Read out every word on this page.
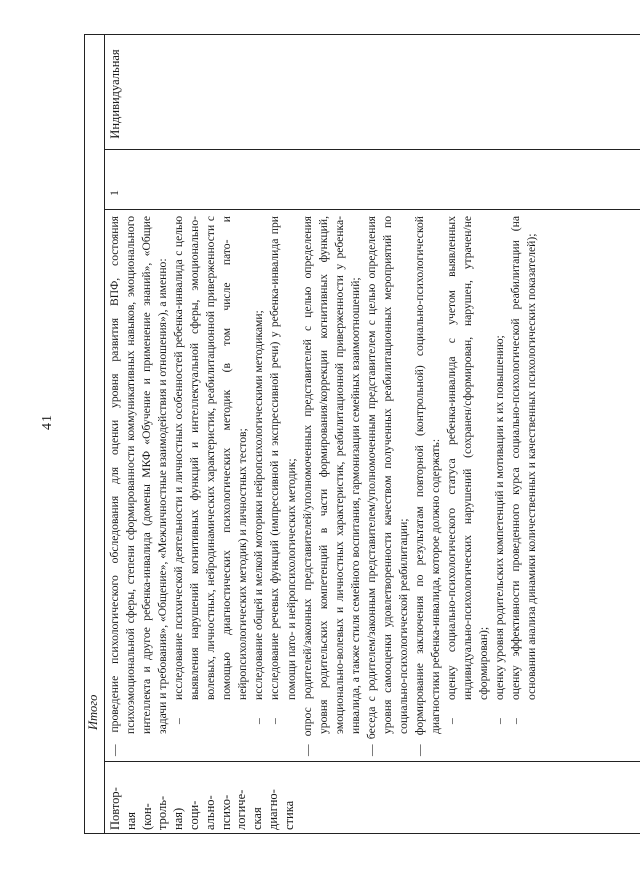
41
Итого
Повтор- ная (кон- троль- ная) соци- ально- психо- логиче- ская диагно- стика

— проведение психологического обследования для оценки уровня развития ВПФ, состояния психоэмоциональной сферы, степени сформированности коммуникативных навыков, эмоционального интеллекта и другое ребенка-инвалида (домены МКФ «Обучение и применение знаний», «Общие задачи и требования», «Общение», «Межличностные взаимодействия и отношения»), а именно: –
исследование психической деятельности и личностных особенностей ребенка-инвалида с целью выявления нарушений когнитивных функций и интеллектуальной сферы, эмоционально-волевых, личностных, нейродинамических характеристик, реабилитационной приверженности с помощью диагностических психологических методик (в том числе пато- и нейропсихологических методик) и личностных тестов;

–
исследование общей и мелкой моторики нейропсихологическими методиками;

–
исследование речевых функций (импрессивной и экспрессивной речи) у ребенка-инвалида при помощи пато- и нейропсихологических методик; — опрос родителей/законных представителей/уполномоченных представителей с целью определения уровня родительских компетенций в части формирования/коррекции когнитивных функций, эмоционально-волевых и личностных характеристик, реабилитационной приверженности у ребенка-инвалида, а также стиля семейного воспитания, гармонизации семейных взаимоотношений; — беседа с родителем/законным представителем/уполномоченным представителем с целью определения уровня самооценки удовлетворенности качеством полученных реабилитационных мероприятий по социально-психологической реабилитации; — формирование заключения по результатам повторной (контрольной) социально-психологической диагностики ребенка-инвалида, которое должно содержать: –
оценку социально-психологического статуса ребенка-инвалида с учетом выявленных индивидуально-психологических нарушений (сохранен/сформирован, нарушен, утрачен/не сформирован);

–
оценку уровня родительских компетенций и мотивации к их повышению;

–
оценку эффективности проведенного курса социально-психологической реабилитации (на основании анализа динамики количественных и качественных психологических показателей);

1
Индивидуальная
